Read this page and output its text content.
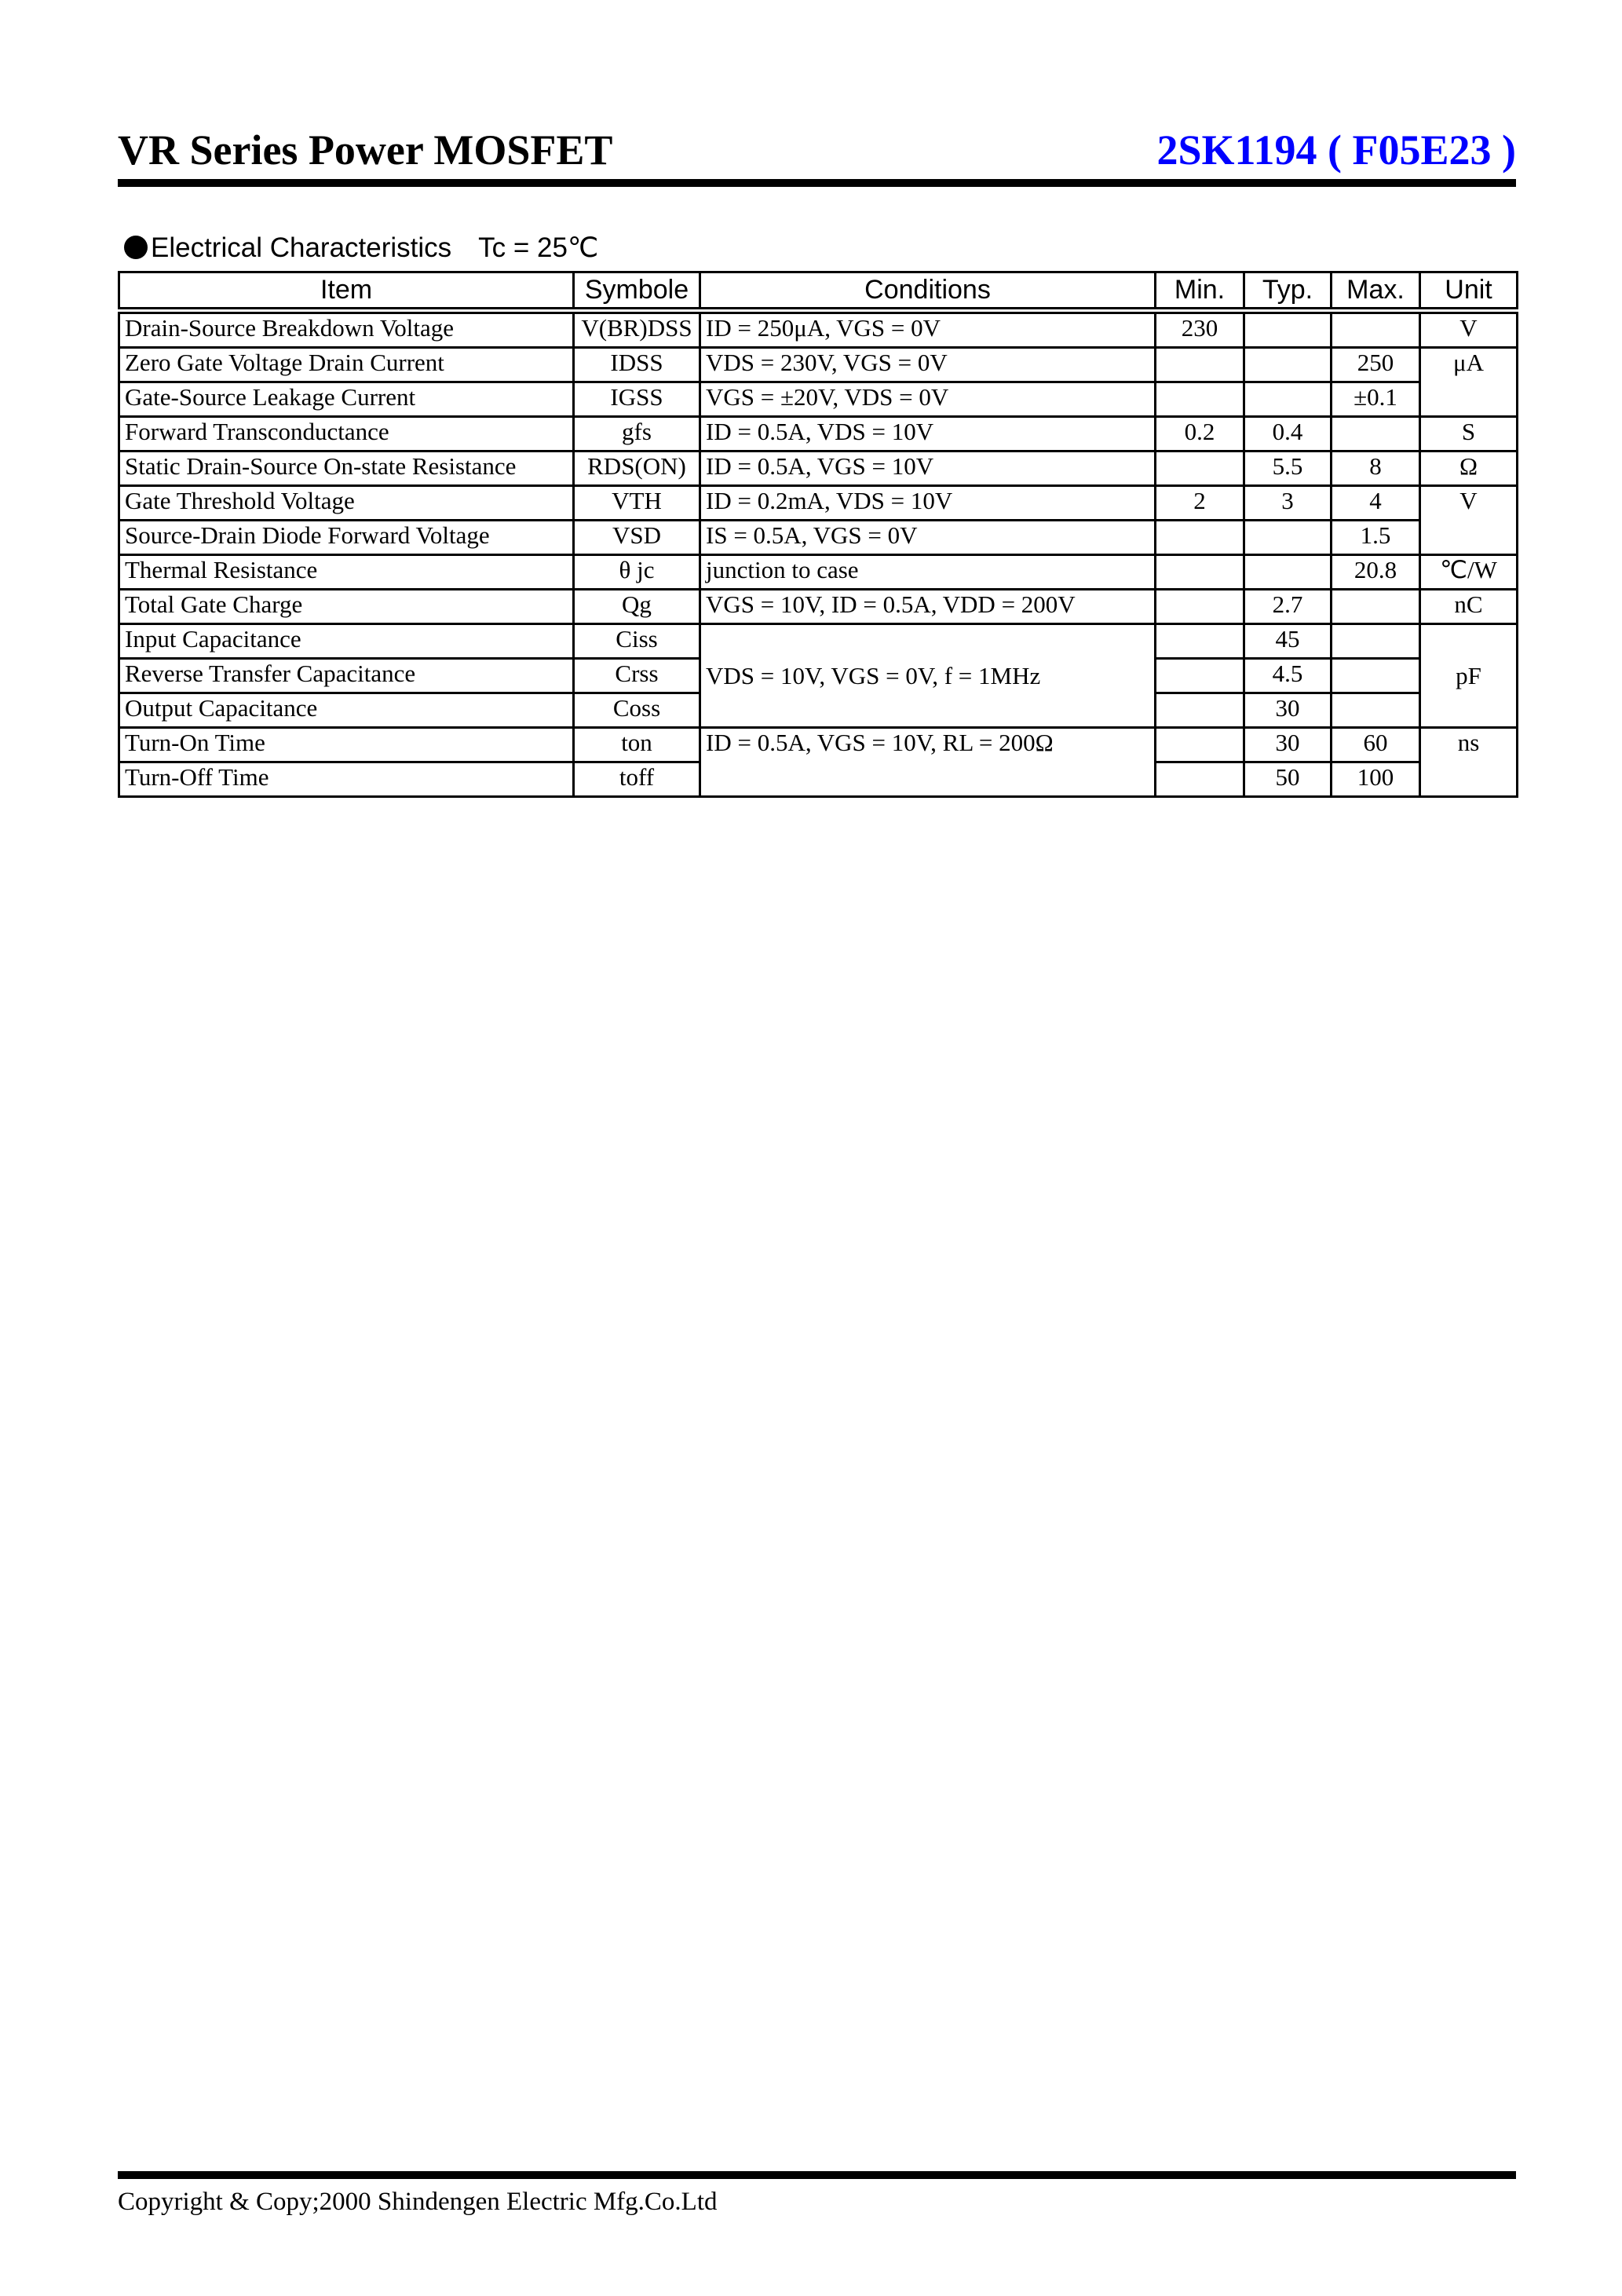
VR Series Power MOSFET	2SK1194 ( F05E23 )
Electrical Characteristics Tc = 25℃
Item	Symbole	Conditions	Min.	Typ.	Max.	Unit
Drain-Source Breakdown Voltage	V(BR)DSS	ID = 250μA, VGS = 0V	230			V
Zero Gate Voltage Drain Current	IDSS	VDS = 230V, VGS = 0V			250	μA
Gate-Source Leakage Current	IGSS	VGS = ±20V, VDS = 0V			±0.1	
Forward Transconductance	gfs	ID = 0.5A, VDS = 10V	0.2	0.4		S
Static Drain-Source On-state Resistance	RDS(ON)	ID = 0.5A, VGS = 10V		5.5	8	Ω
Gate Threshold Voltage	VTH	ID = 0.2mA, VDS = 10V	2	3	4	V
Source-Drain Diode Forward Voltage	VSD	IS = 0.5A, VGS = 0V			1.5	
Thermal Resistance	θ jc	junction to case			20.8	℃/W
Total Gate Charge	Qg	VGS = 10V, ID = 0.5A, VDD = 200V		2.7		nC
Input Capacitance	Ciss	VDS = 10V, VGS = 0V, f = 1MHz		45		pF
Reverse Transfer Capacitance	Crss			4.5		
Output Capacitance	Coss			30		
Turn-On Time	ton	ID = 0.5A, VGS = 10V, RL = 200Ω		30	60	ns
Turn-Off Time	toff			50	100	
Copyright & Copy;2000 Shindengen Electric Mfg.Co.Ltd
